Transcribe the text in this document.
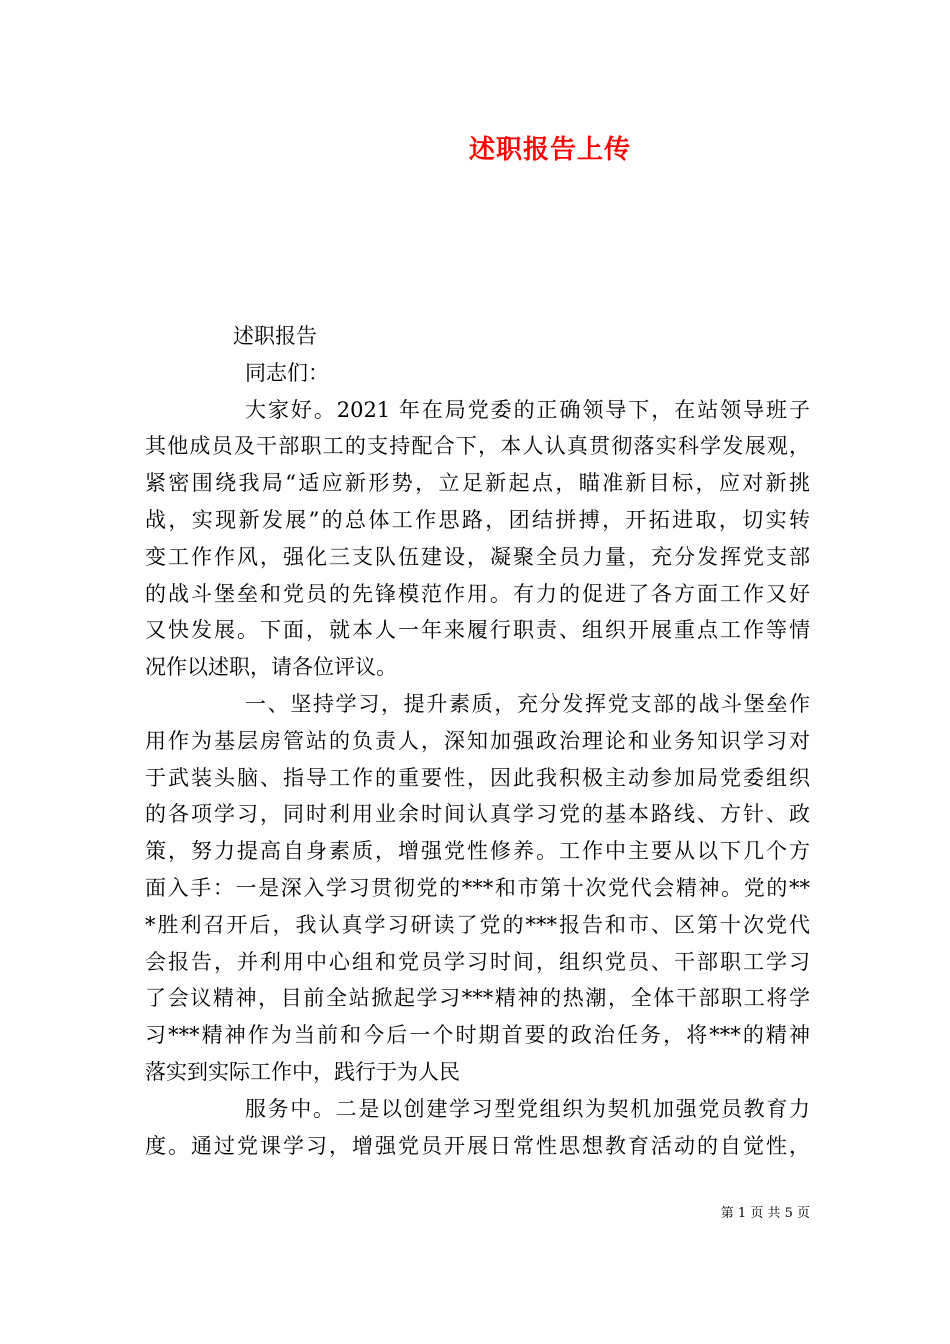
述职报告上传
述职报告
同志们：
大家好。2021 年在局党委的正确领导下，在站领导班子
其他成员及干部职工的支持配合下，本人认真贯彻落实科学发展观，
紧密围绕我局“适应新形势，立足新起点，瞄准新目标，应对新挑
战，实现新发展”的总体工作思路，团结拼搏，开拓进取，切实转
变工作作风，强化三支队伍建设，凝聚全员力量，充分发挥党支部
的战斗堡垒和党员的先锋模范作用。有力的促进了各方面工作又好
又快发展。下面，就本人一年来履行职责、组织开展重点工作等情
况作以述职，请各位评议。
一、坚持学习，提升素质，充分发挥党支部的战斗堡垒作
用作为基层房管站的负责人，深知加强政治理论和业务知识学习对
于武装头脑、指导工作的重要性，因此我积极主动参加局党委组织
的各项学习，同时利用业余时间认真学习党的基本路线、方针、政
策，努力提高自身素质，增强党性修养。工作中主要从以下几个方
面入手：一是深入学习贯彻党的***和市第十次党代会精神。党的**
*胜利召开后，我认真学习研读了党的***报告和市、区第十次党代
会报告，并利用中心组和党员学习时间，组织党员、干部职工学习
了会议精神，目前全站掀起学习***精神的热潮，全体干部职工将学
习***精神作为当前和今后一个时期首要的政治任务，将***的精神
落实到实际工作中，践行于为人民
服务中。二是以创建学习型党组织为契机加强党员教育力
度。通过党课学习，增强党员开展日常性思想教育活动的自觉性，
第 1 页 共 5 页
